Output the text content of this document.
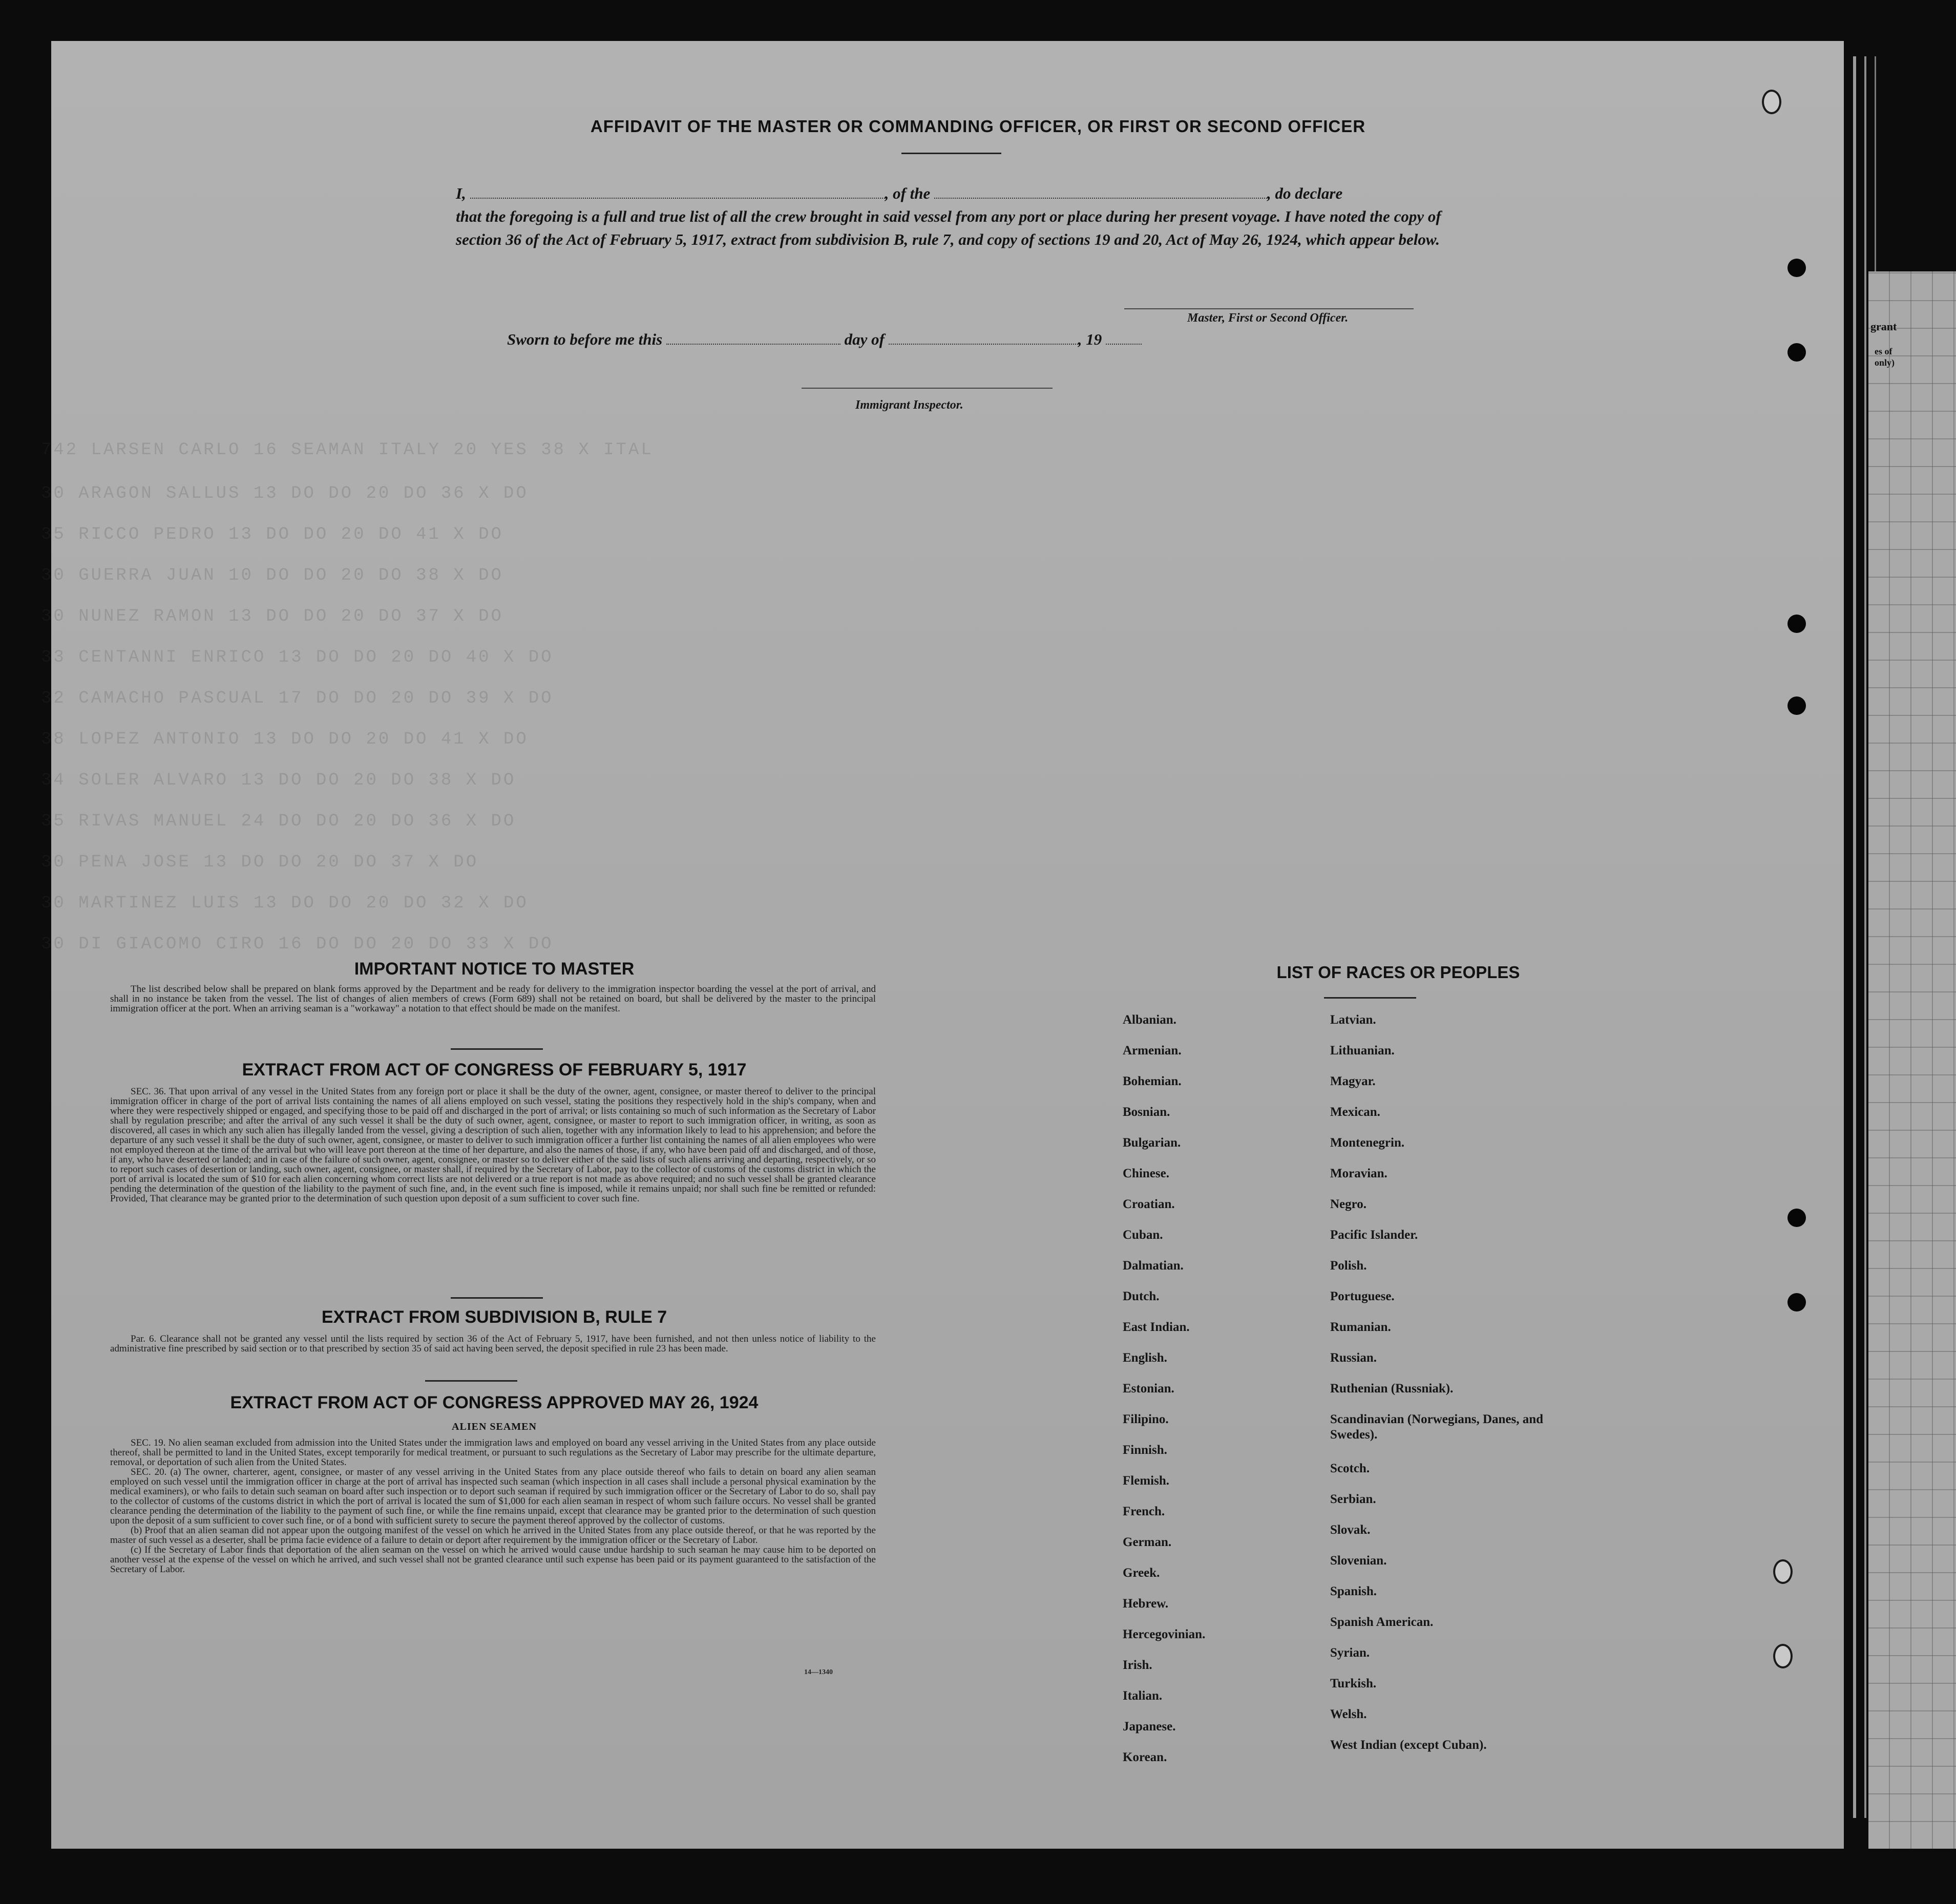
grant
es of
only)
742 LARSEN CARLO 16 SEAMAN ITALY 20 YES 38 X ITAL
30 ARAGON SALLUS 13 DO DO 20 DO 36 X DO
35 RICCO PEDRO 13 DO DO 20 DO 41 X DO
30 GUERRA JUAN 10 DO DO 20 DO 38 X DO
30 NUNEZ RAMON 13 DO DO 20 DO 37 X DO
33 CENTANNI ENRICO 13 DO DO 20 DO 40 X DO
32 CAMACHO PASCUAL 17 DO DO 20 DO 39 X DO
38 LOPEZ ANTONIO 13 DO DO 20 DO 41 X DO
34 SOLER ALVARO 13 DO DO 20 DO 38 X DO
35 RIVAS MANUEL 24 DO DO 20 DO 36 X DO
30 PENA JOSE 13 DO DO 20 DO 37 X DO
30 MARTINEZ LUIS 13 DO DO 20 DO 32 X DO
30 DI GIACOMO CIRO 16 DO DO 20 DO 33 X DO
AFFIDAVIT OF THE MASTER OR COMMANDING OFFICER, OR FIRST OR SECOND OFFICER
I,	, of the	, do declare
that the foregoing is a full and true list of all the crew brought in said vessel from any port or place during her present voyage. I have noted the copy of section 36 of the Act of February 5, 1917, extract from subdivision B, rule 7, and copy of sections 19 and 20, Act of May 26, 1924, which appear below.
Master, First or Second Officer.
Sworn to before me this	day of	, 19
Immigrant Inspector.
IMPORTANT NOTICE TO MASTER

The list described below shall be prepared on blank forms approved by the Department and be ready for delivery to the immigration inspector boarding the vessel at the port of arrival, and shall in no instance be taken from the vessel. The list of changes of alien members of crews (Form 689) shall not be retained on board, but shall be delivered by the master to the principal immigration officer at the port. When an arriving seaman is a "workaway" a notation to that effect should be made on the manifest.

EXTRACT FROM ACT OF CONGRESS OF FEBRUARY 5, 1917

SEC. 36. That upon arrival of any vessel in the United States from any foreign port or place it shall be the duty of the owner, agent, consignee, or master thereof to deliver to the principal immigration officer in charge of the port of arrival lists containing the names of all aliens employed on such vessel, stating the positions they respectively hold in the ship's company, when and where they were respectively shipped or engaged, and specifying those to be paid off and discharged in the port of arrival; or lists containing so much of such information as the Secretary of Labor shall by regulation prescribe; and after the arrival of any such vessel it shall be the duty of such owner, agent, consignee, or master to report to such immigration officer, in writing, as soon as discovered, all cases in which any such alien has illegally landed from the vessel, giving a description of such alien, together with any information likely to lead to his apprehension; and before the departure of any such vessel it shall be the duty of such owner, agent, consignee, or master to deliver to such immigration officer a further list containing the names of all alien employees who were not employed thereon at the time of the arrival but who will leave port thereon at the time of her departure, and also the names of those, if any, who have been paid off and discharged, and of those, if any, who have deserted or landed; and in case of the failure of such owner, agent, consignee, or master so to deliver either of the said lists of such aliens arriving and departing, respectively, or so to report such cases of desertion or landing, such owner, agent, consignee, or master shall, if required by the Secretary of Labor, pay to the collector of customs of the customs district in which the port of arrival is located the sum of $10 for each alien concerning whom correct lists are not delivered or a true report is not made as above required; and no such vessel shall be granted clearance pending the determination of the question of the liability to the payment of such fine, and, in the event such fine is imposed, while it remains unpaid; nor shall such fine be remitted or refunded: Provided, That clearance may be granted prior to the determination of such question upon deposit of a sum sufficient to cover such fine.

EXTRACT FROM SUBDIVISION B, RULE 7

Par. 6. Clearance shall not be granted any vessel until the lists required by section 36 of the Act of February 5, 1917, have been furnished, and not then unless notice of liability to the administrative fine prescribed by said section or to that prescribed by section 35 of said act having been served, the deposit specified in rule 23 has been made.

EXTRACT FROM ACT OF CONGRESS APPROVED MAY 26, 1924
ALIEN SEAMEN

SEC. 19. No alien seaman excluded from admission into the United States under the immigration laws and employed on board any vessel arriving in the United States from any place outside thereof, shall be permitted to land in the United States, except temporarily for medical treatment, or pursuant to such regulations as the Secretary of Labor may prescribe for the ultimate departure, removal, or deportation of such alien from the United States.

SEC. 20. (a) The owner, charterer, agent, consignee, or master of any vessel arriving in the United States from any place outside thereof who fails to detain on board any alien seaman employed on such vessel until the immigration officer in charge at the port of arrival has inspected such seaman (which inspection in all cases shall include a personal physical examination by the medical examiners), or who fails to detain such seaman on board after such inspection or to deport such seaman if required by such immigration officer or the Secretary of Labor to do so, shall pay to the collector of customs of the customs district in which the port of arrival is located the sum of $1,000 for each alien seaman in respect of whom such failure occurs. No vessel shall be granted clearance pending the determination of the liability to the payment of such fine, or while the fine remains unpaid, except that clearance may be granted prior to the determination of such question upon the deposit of a sum sufficient to cover such fine, or of a bond with sufficient surety to secure the payment thereof approved by the collector of customs.

(b) Proof that an alien seaman did not appear upon the outgoing manifest of the vessel on which he arrived in the United States from any place outside thereof, or that he was reported by the master of such vessel as a deserter, shall be prima facie evidence of a failure to detain or deport after requirement by the immigration officer or the Secretary of Labor.

(c) If the Secretary of Labor finds that deportation of the alien seaman on the vessel on which he arrived would cause undue hardship to such seaman he may cause him to be deported on another vessel at the expense of the vessel on which he arrived, and such vessel shall not be granted clearance until such expense has been paid or its payment guaranteed to the satisfaction of the Secretary of Labor.

14—1340
LIST OF RACES OR PEOPLES
Albanian.
Armenian.
Bohemian.
Bosnian.
Bulgarian.
Chinese.
Croatian.
Cuban.
Dalmatian.
Dutch.
East Indian.
English.
Estonian.
Filipino.
Finnish.
Flemish.
French.
German.
Greek.
Hebrew.
Hercegovinian.
Irish.
Italian.
Japanese.
Korean.
Latvian.
Lithuanian.
Magyar.
Mexican.
Montenegrin.
Moravian.
Negro.
Pacific Islander.
Polish.
Portuguese.
Rumanian.
Russian.
Ruthenian (Russniak).
Scandinavian (Norwegians, Danes, and Swedes).
Scotch.
Serbian.
Slovak.
Slovenian.
Spanish.
Spanish American.
Syrian.
Turkish.
Welsh.
West Indian (except Cuban).
